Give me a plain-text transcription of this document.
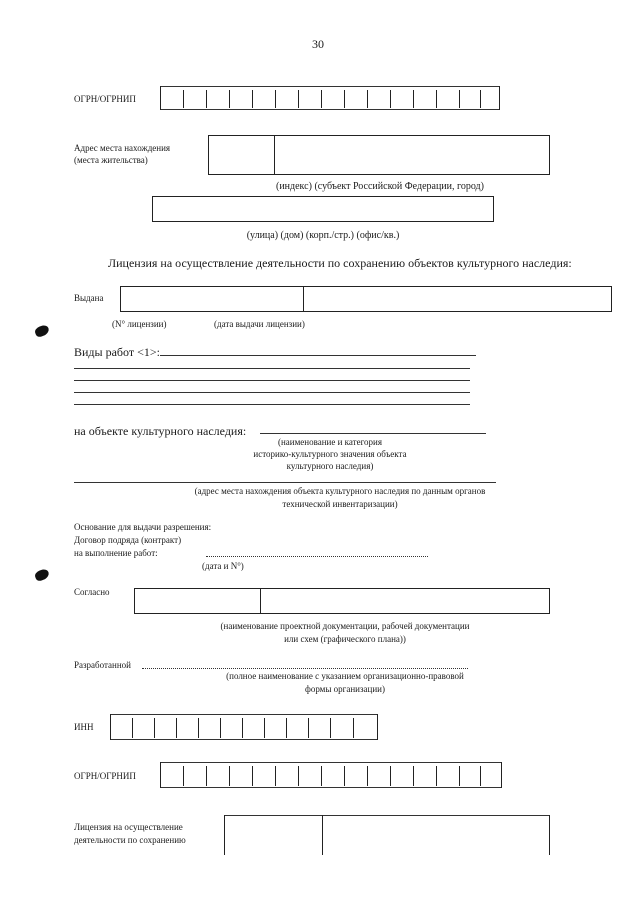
30
ОГРН/ОГРНИП
Адрес места нахождения
(места жительства)
(индекс) (субъект Российской Федерации, город)
(улица) (дом) (корп./стр.) (офис/кв.)
Лицензия на осуществление деятельности по сохранению объектов культурного наследия:
Выдана
(N° лицензии)	(дата выдачи лицензии)
Виды работ <1>:
на объекте культурного наследия:
(наименование и категория
историко-культурного значения объекта
культурного наследия)
(адрес места нахождения объекта культурного наследия по данным органов
технической инвентаризации)
Основание для выдачи разрешения:
Договор подряда (контракт)
на выполнение работ:
(дата и N°)
Согласно
(наименование проектной документации, рабочей документации
или схем (графического плана))
Разработанной
(полное наименование с указанием организационно-правовой
формы организации)
ИНН
ОГРН/ОГРНИП
Лицензия на осуществление
деятельности по сохранению
